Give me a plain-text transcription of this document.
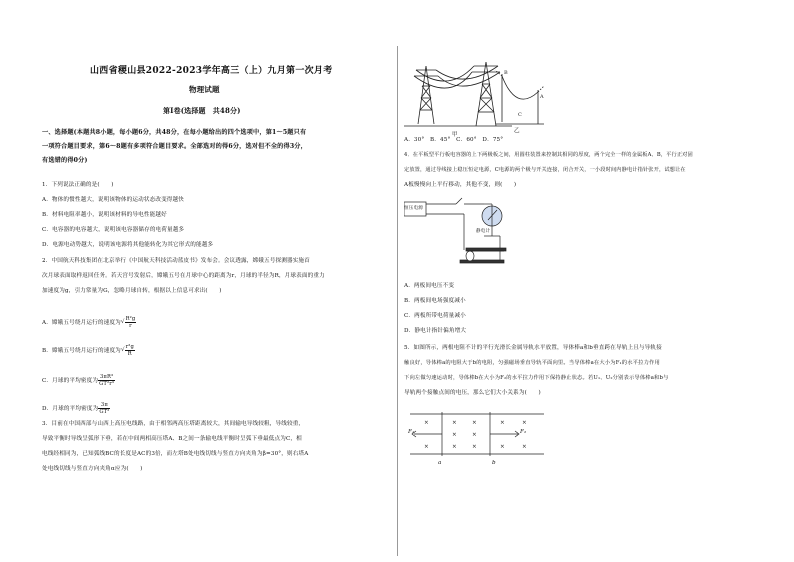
山西省稷山县2022-2023学年高三（上）九月第一次月考
物理试题
第Ⅰ卷(选择题　共48分)
一、选择题(本题共8小题，每小题6分，共48分，在每小题给出的四个选项中，第1～5题只有
一项符合题目要求，第6～8题有多项符合题目要求。全部选对的得6分，选对但不全的得3分，
有选错的得0分)
1．下列说法正确的是(　　)
A．物体的惯性越大，说明该物体的运动状态改变得越快
B．材料电阻率越小，说明该材料的导电性能越好
C．电容器的电容越大，说明该电容器储存的电荷量越多
D．电源电动势越大，说明该电源将其他能转化为其它形式的能越多
2．中国航天科技集团在北京举行《中国航天科技活动蓝皮书》发布会。会议透露，嫦娥五号探测器实施首
次月球表面取样返回任务。若天宫号发射后，嫦娥五号在月球中心的距离为r，月球的半径为R，月球表面的重力
加速度为g，引力常量为G，忽略月球自转，根据以上信息可求出(　　)
A．嫦娥五号绕月运行的速度为√ $\frac{\text{R²g}}{r}$
B．嫦娥五号绕月运行的速度为√ $\frac{\text{r²g}}{R}$
C．月球的平均密度为 $\frac{\text{3πR³}}{\text{GT²r³}}$
D．月球的平均密度为 $\frac{3\pi}{\text{GT²}}$
3．目前在中国西部与山西上高压电线路，由于相邻两高压塔距离较大，其间输电导线较粗，导线较重，
导致平衡时导线呈弧形下垂，若在中间两相高压塔A、B之间一条输电线平衡时呈弧下垂最低点为C，相
电线经相同为，已知弧线BC的长度是AC的3倍，而左塔B处电线切线与竖直方向夹角为β=30°，则右塔A
处电线切线与竖直方向夹角α应为(　　)
甲
B
A
C
乙
A．30°　B．45°　C．60°　D．75°
4．在平板型平行板电容器的上下两极板之间，用圆柱装置来控制其相同的厚度，两个完全一样的金属板A、B，平行正对固
定放置，通过导线接上稳压恒定电源，C电源的两个极与开关连接，闭合开关，一小段时间内静电计指针张开，试想让在
A板慢慢向上平行移动，其他不变，则(　　)
恒压电源
静电计
A．两板间电压不变
B．两板间电场强度减小
C．两板所带电荷量减小
D．静电计指针偏角增大
5．如图所示，两根电阻不计的平行光滑长金属导轨水平放置，导体棒a和b垂直跨在导轨上且与导轨接
触良好，导体棒a的电阻大于b的电阻，匀强磁场垂直导轨平面向里。当导体棒a在大小为F₁的水平拉力作用
下向左做匀速运动时，导体棒b在大小为F₂的水平拉力作用下保持静止状态。若U₁、U₂分别表示导体棒a和b与
导轨两个接触点间的电压，那么它们大小关系为(　　)
F₁	F₂
a	b
×	×	×	×	×
×	×
×	×	×	×	×
